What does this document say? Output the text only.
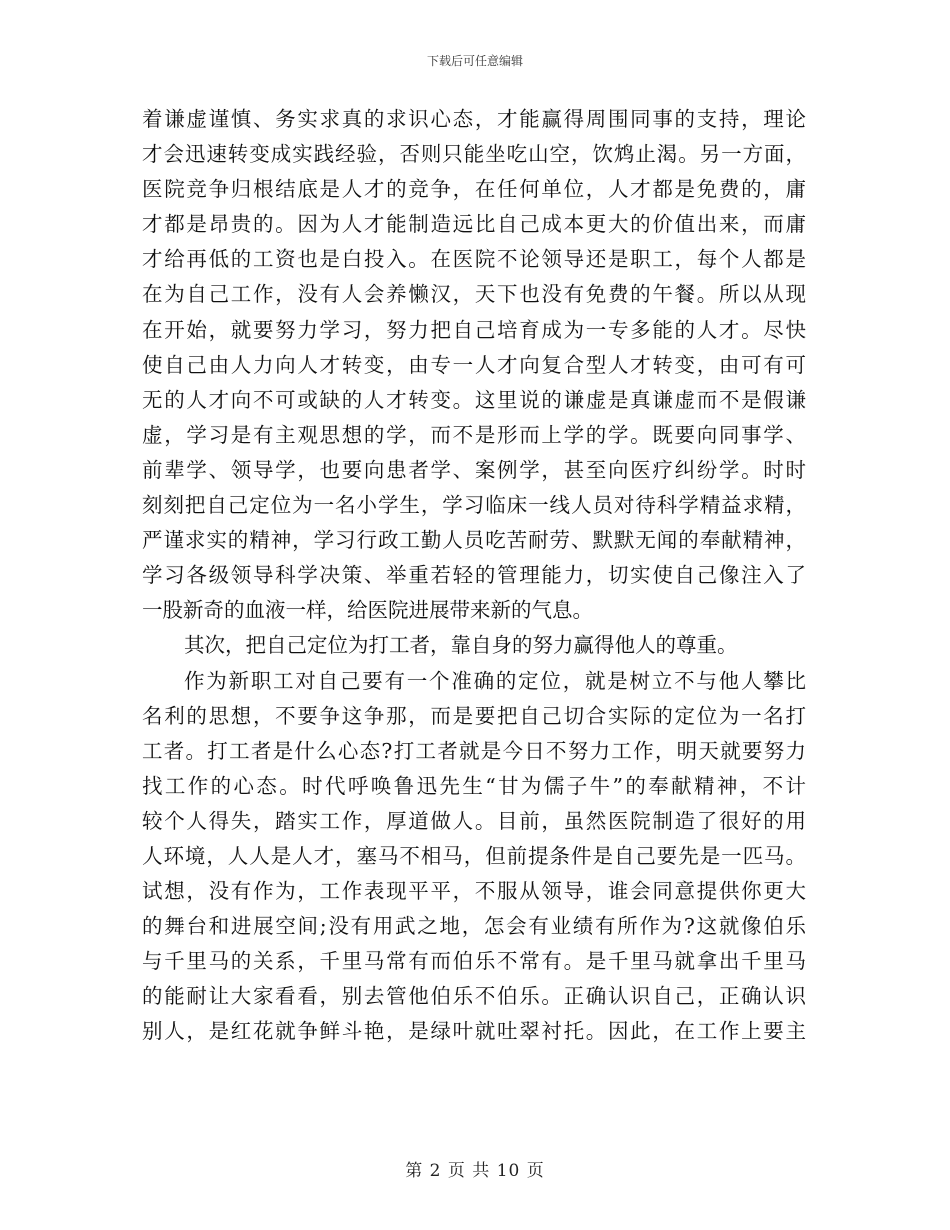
下载后可任意编辑
着谦虚谨慎、务实求真的求识心态，才能赢得周围同事的支持，理论
才会迅速转变成实践经验，否则只能坐吃山空，饮鸩止渴。另一方面，
医院竞争归根结底是人才的竞争，在任何单位，人才都是免费的，庸
才都是昂贵的。因为人才能制造远比自己成本更大的价值出来，而庸
才给再低的工资也是白投入。在医院不论领导还是职工，每个人都是
在为自己工作，没有人会养懒汉，天下也没有免费的午餐。所以从现
在开始，就要努力学习，努力把自己培育成为一专多能的人才。尽快
使自己由人力向人才转变，由专一人才向复合型人才转变，由可有可
无的人才向不可或缺的人才转变。这里说的谦虚是真谦虚而不是假谦
虚，学习是有主观思想的学，而不是形而上学的学。既要向同事学、
前辈学、领导学，也要向患者学、案例学，甚至向医疗纠纷学。时时
刻刻把自己定位为一名小学生，学习临床一线人员对待科学精益求精，
严谨求实的精神，学习行政工勤人员吃苦耐劳、默默无闻的奉献精神，
学习各级领导科学决策、举重若轻的管理能力，切实使自己像注入了
一股新奇的血液一样，给医院进展带来新的气息。
其次，把自己定位为打工者，靠自身的努力赢得他人的尊重。
作为新职工对自己要有一个准确的定位，就是树立不与他人攀比
名利的思想，不要争这争那，而是要把自己切合实际的定位为一名打
工者。打工者是什么心态?打工者就是今日不努力工作，明天就要努力
找工作的心态。时代呼唤鲁迅先生“甘为儒子牛”的奉献精神，不计
较个人得失，踏实工作，厚道做人。目前，虽然医院制造了很好的用
人环境，人人是人才，塞马不相马，但前提条件是自己要先是一匹马。
试想，没有作为，工作表现平平，不服从领导，谁会同意提供你更大
的舞台和进展空间;没有用武之地，怎会有业绩有所作为?这就像伯乐
与千里马的关系，千里马常有而伯乐不常有。是千里马就拿出千里马
的能耐让大家看看，别去管他伯乐不伯乐。正确认识自己，正确认识
别人，是红花就争鲜斗艳，是绿叶就吐翠衬托。因此，在工作上要主
第 2 页 共 10 页
